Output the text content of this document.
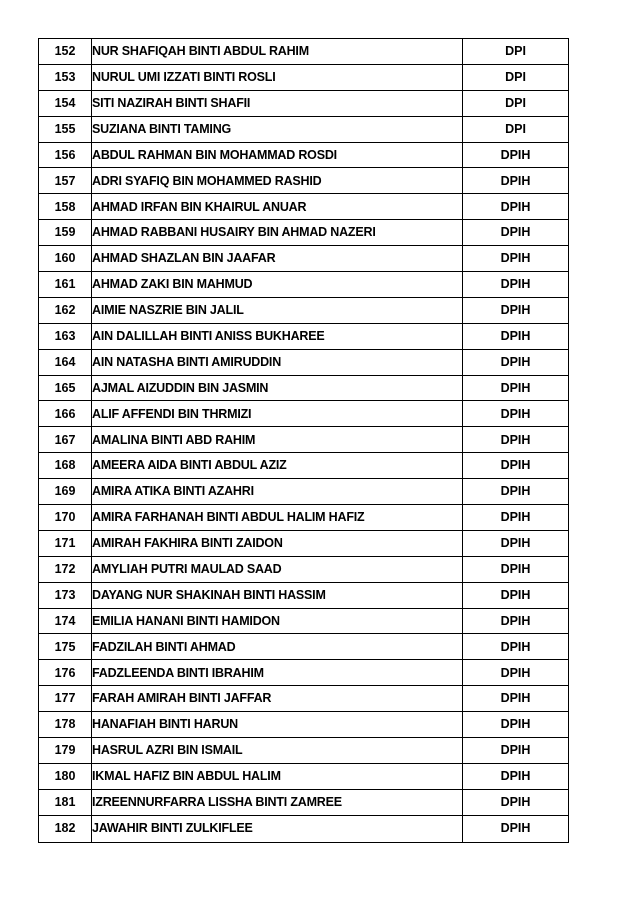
152	NUR SHAFIQAH BINTI ABDUL RAHIM	DPI
153	NURUL UMI IZZATI BINTI ROSLI	DPI
154	SITI NAZIRAH BINTI SHAFII	DPI
155	SUZIANA BINTI TAMING	DPI
156	ABDUL RAHMAN BIN MOHAMMAD ROSDI	DPIH
157	ADRI SYAFIQ BIN MOHAMMED RASHID	DPIH
158	AHMAD IRFAN BIN KHAIRUL ANUAR	DPIH
159	AHMAD RABBANI HUSAIRY BIN AHMAD NAZERI	DPIH
160	AHMAD SHAZLAN BIN JAAFAR	DPIH
161	AHMAD ZAKI BIN MAHMUD	DPIH
162	AIMIE NASZRIE BIN JALIL	DPIH
163	AIN DALILLAH BINTI ANISS BUKHAREE	DPIH
164	AIN NATASHA BINTI AMIRUDDIN	DPIH
165	AJMAL AIZUDDIN BIN JASMIN	DPIH
166	ALIF AFFENDI BIN THRMIZI	DPIH
167	AMALINA BINTI ABD RAHIM	DPIH
168	AMEERA AIDA BINTI ABDUL AZIZ	DPIH
169	AMIRA ATIKA BINTI AZAHRI	DPIH
170	AMIRA FARHANAH BINTI ABDUL HALIM HAFIZ	DPIH
171	AMIRAH FAKHIRA BINTI ZAIDON	DPIH
172	AMYLIAH PUTRI MAULAD SAAD	DPIH
173	DAYANG NUR SHAKINAH BINTI HASSIM	DPIH
174	EMILIA HANANI BINTI HAMIDON	DPIH
175	FADZILAH BINTI AHMAD	DPIH
176	FADZLEENDA BINTI IBRAHIM	DPIH
177	FARAH AMIRAH BINTI JAFFAR	DPIH
178	HANAFIAH BINTI HARUN	DPIH
179	HASRUL AZRI BIN ISMAIL	DPIH
180	IKMAL HAFIZ BIN ABDUL HALIM	DPIH
181	IZREENNURFARRA LISSHA BINTI ZAMREE	DPIH
182	JAWAHIR BINTI ZULKIFLEE	DPIH
